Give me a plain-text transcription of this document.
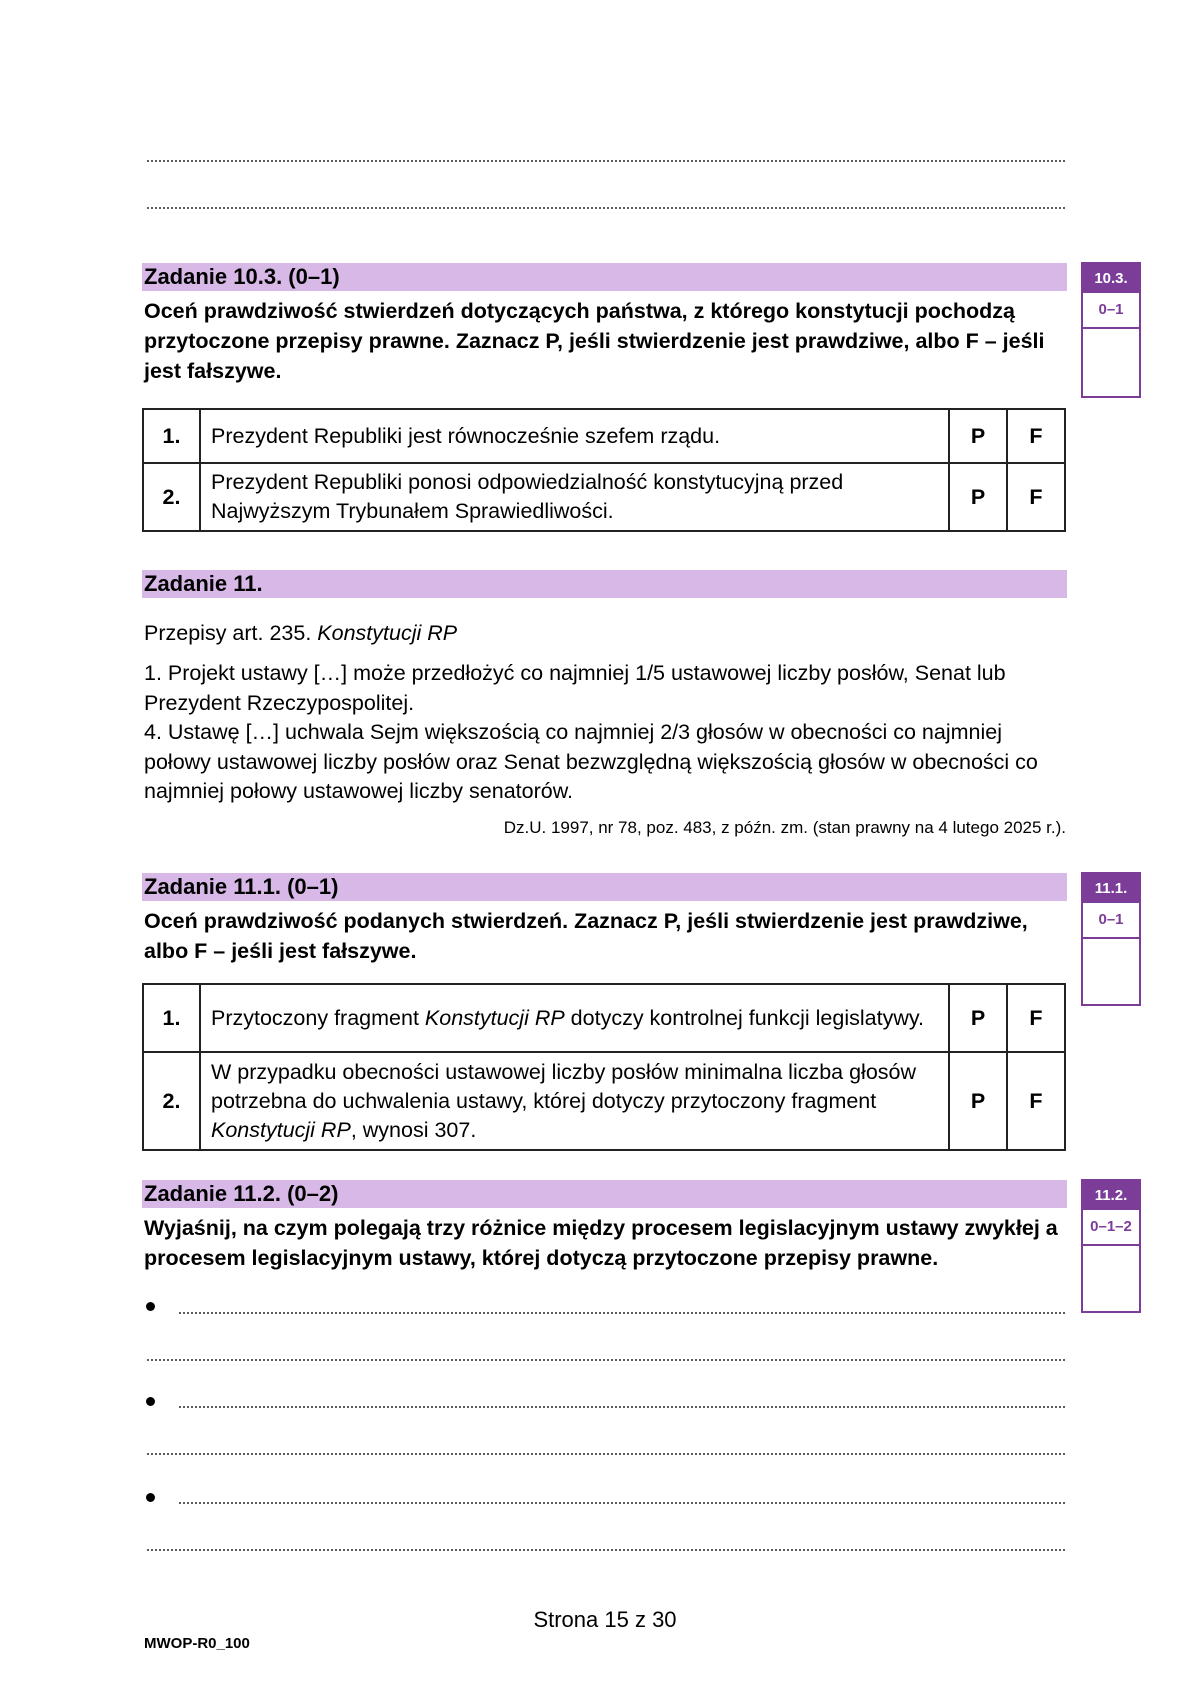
Zadanie 10.3. (0–1)
Oceń prawdziwość stwierdzeń dotyczących państwa, z którego konstytucji pochodzą przytoczone przepisy prawne. Zaznacz P, jeśli stwierdzenie jest prawdziwe, albo F – jeśli jest fałszywe.
10.3.
0–1
1.	Prezydent Republiki jest równocześnie szefem rządu.	P	F
2.	Prezydent Republiki ponosi odpowiedzialność konstytucyjną przed Najwyższym Trybunałem Sprawiedliwości.	P	F
Zadanie 11.
Przepisy art. 235. Konstytucji RP
1. Projekt ustawy […] może przedłożyć co najmniej 1/5 ustawowej liczby posłów, Senat lub Prezydent Rzeczypospolitej.
4. Ustawę […] uchwala Sejm większością co najmniej 2/3 głosów w obecności co najmniej połowy ustawowej liczby posłów oraz Senat bezwzględną większością głosów w obecności co najmniej połowy ustawowej liczby senatorów.
Dz.U. 1997, nr 78, poz. 483, z późn. zm. (stan prawny na 4 lutego 2025 r.).
Zadanie 11.1. (0–1)
Oceń prawdziwość podanych stwierdzeń. Zaznacz P, jeśli stwierdzenie jest prawdziwe, albo F – jeśli jest fałszywe.
11.1.
0–1
1.	Przytoczony fragment Konstytucji RP dotyczy kontrolnej funkcji legislatywy.	P	F
2.	W przypadku obecności ustawowej liczby posłów minimalna liczba głosów potrzebna do uchwalenia ustawy, której dotyczy przytoczony fragment Konstytucji RP, wynosi 307.	P	F
Zadanie 11.2. (0–2)
Wyjaśnij, na czym polegają trzy różnice między procesem legislacyjnym ustawy zwykłej a procesem legislacyjnym ustawy, której dotyczą przytoczone przepisy prawne.
11.2.
0–1–2
Strona 15 z 30
MWOP-R0_100
